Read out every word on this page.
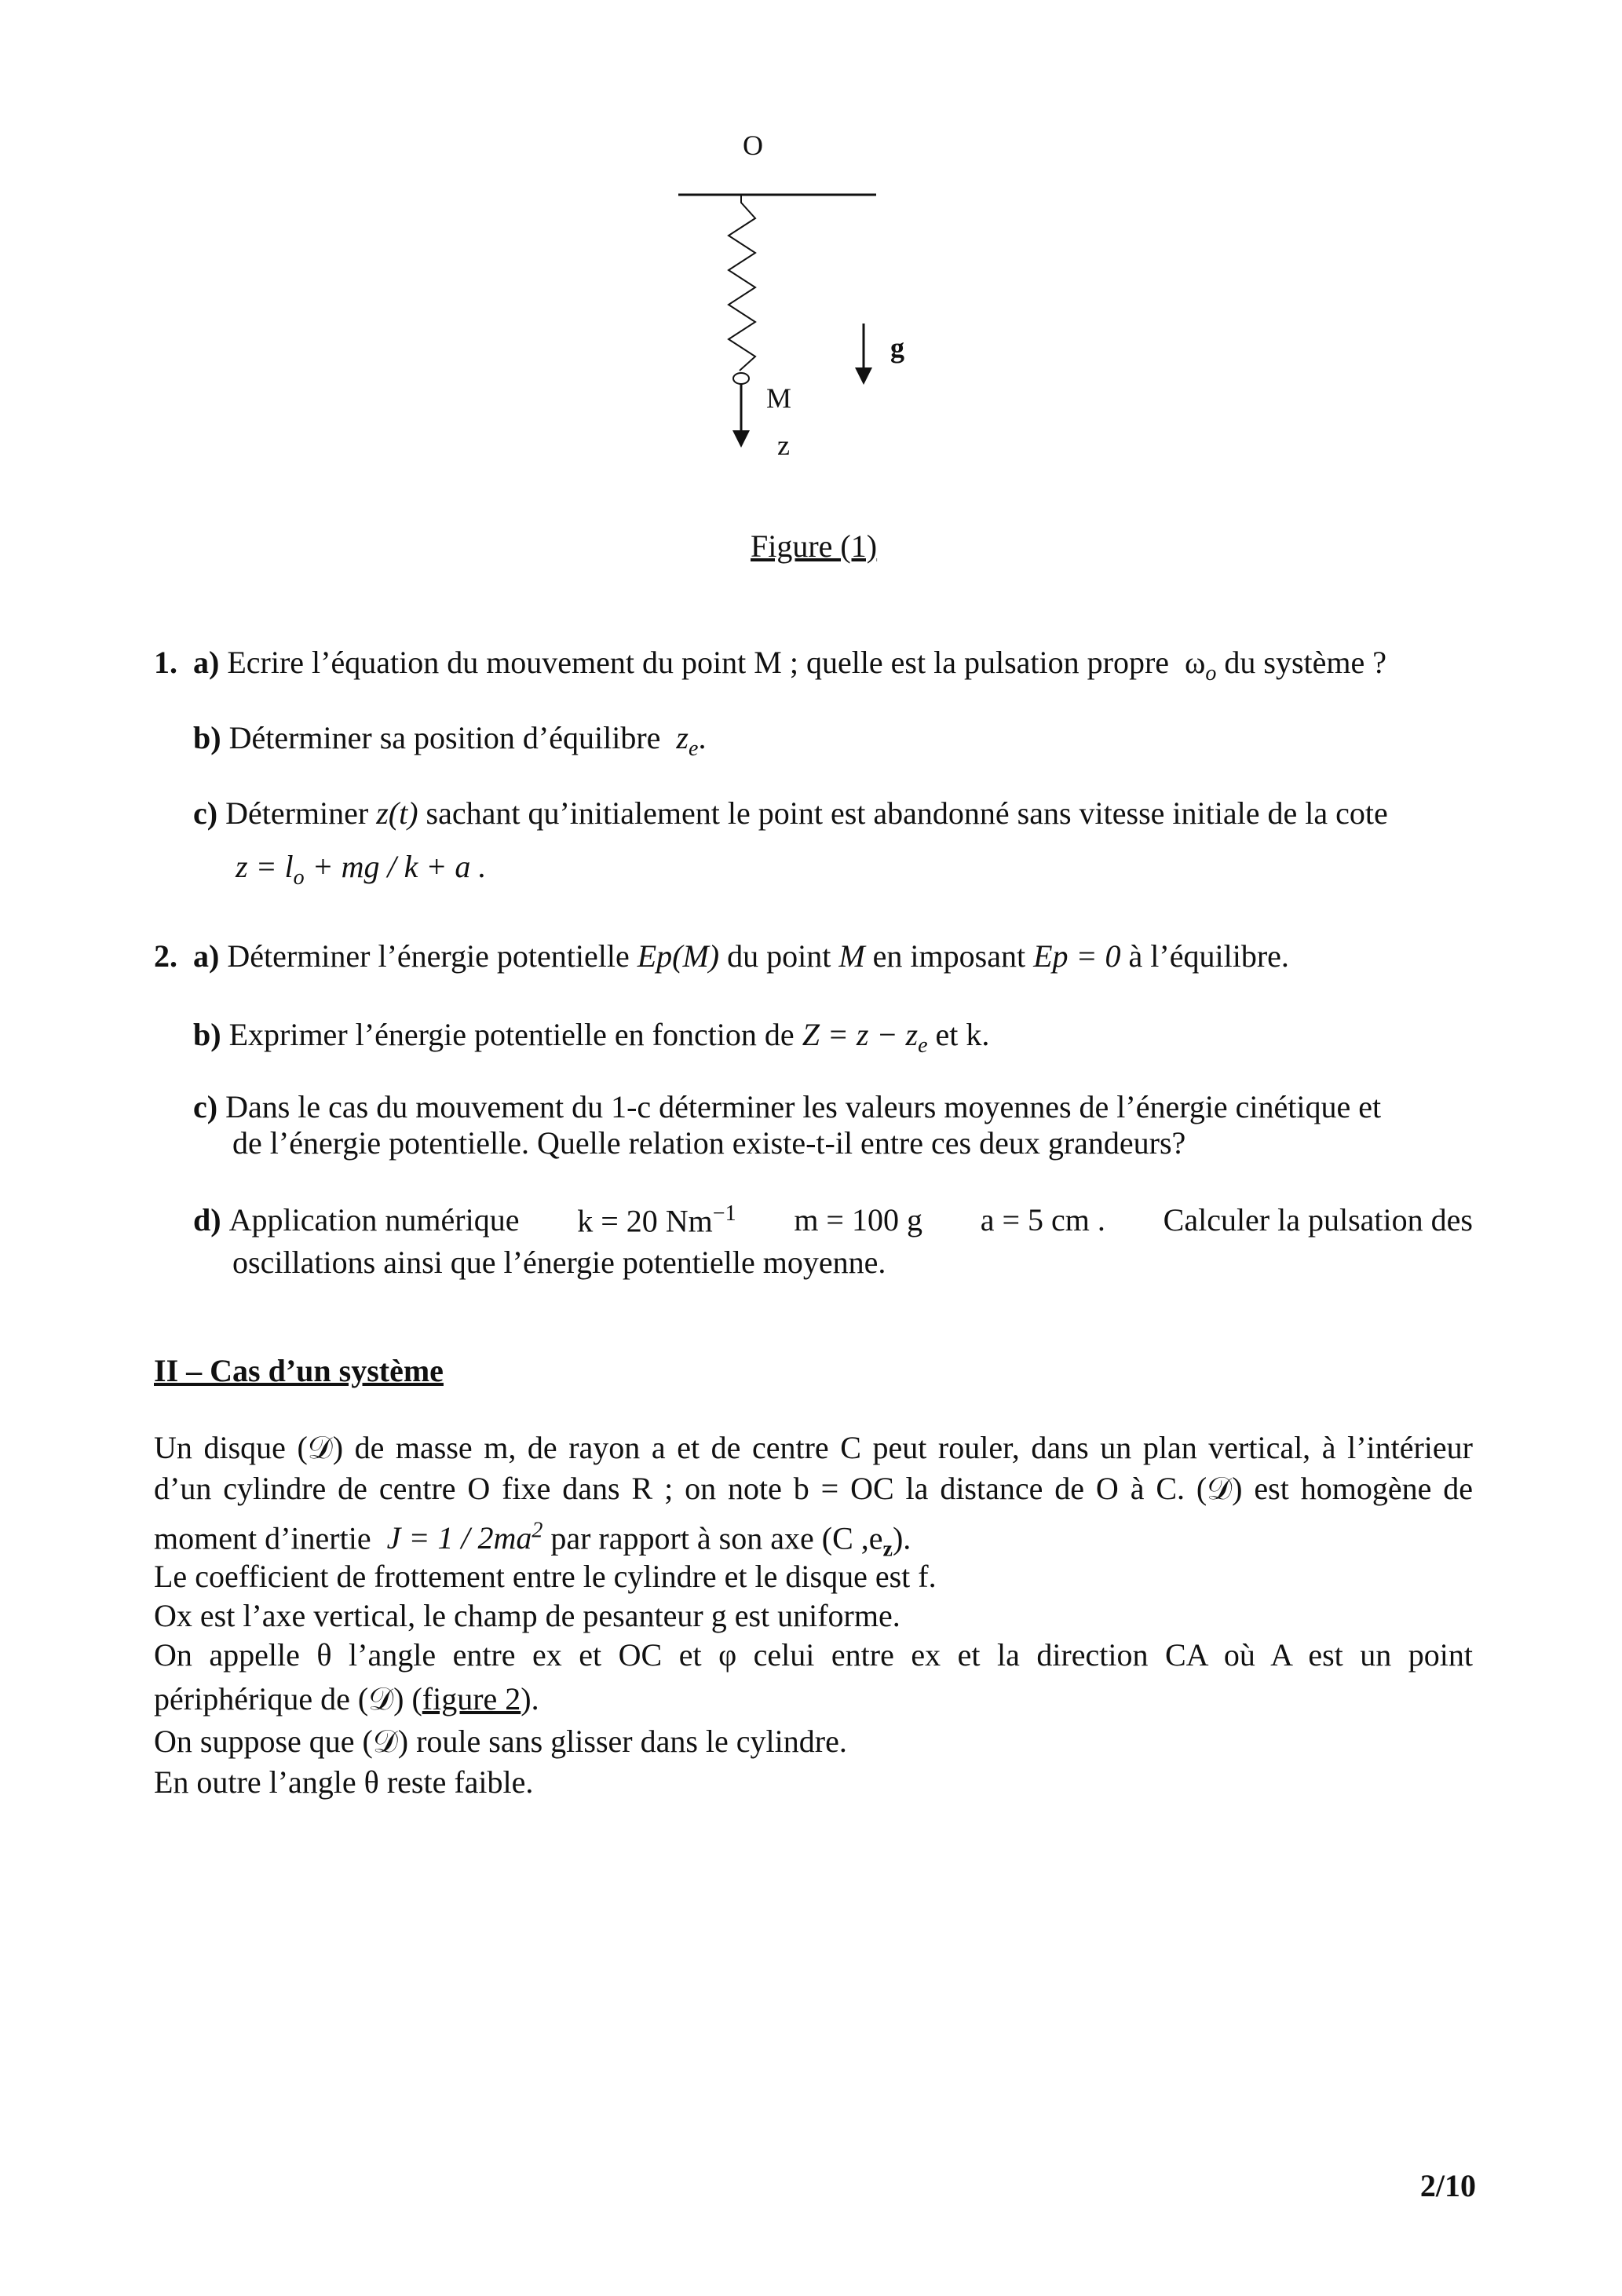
O
M
z
g
Figure (1)
1. a) Ecrire l’équation du mouvement du point M ; quelle est la pulsation propre $\omega_o$ du système ?
b) Déterminer sa position d’équilibre $z_e$.
c) Déterminer z(t) sachant qu’initialement le point est abandonné sans vitesse initiale de la cote
$z = l_o$ + mg / k + a .
2. a) Déterminer l’énergie potentielle Ep(M) du point M en imposant Ep = 0 à l’équilibre.
b) Exprimer l’énergie potentielle en fonction de $Z = z - z_e$ et k.
c) Dans le cas du mouvement du 1-c déterminer les valeurs moyennes de l’énergie cinétique et
de l’énergie potentielle. Quelle relation existe-t-il entre ces deux grandeurs?
d) Application numérique k = 20 $Nm^{-1}$ m = 100 g a = 5 cm . Calculer la pulsation des
oscillations ainsi que l’énergie potentielle moyenne.
II – Cas d’un système
Un disque (𝒟) de masse m, de rayon a et de centre C peut rouler, dans un plan vertical, à l’intérieur
d’un cylindre de centre O fixe dans R ; on note b = OC la distance de O à C. (𝒟) est homogène de
moment d’inertie $J = 1 / 2ma^2$ par rapport à son axe (C $,e_z$).
Le coefficient de frottement entre le cylindre et le disque est f.
Ox est l’axe vertical, le champ de pesanteur g est uniforme.
On appelle θ l’angle entre ex et OC et φ celui entre ex et la direction CA où A est un point
périphérique de (𝒟) (figure 2).
On suppose que (𝒟) roule sans glisser dans le cylindre.
En outre l’angle θ reste faible.
2/10
